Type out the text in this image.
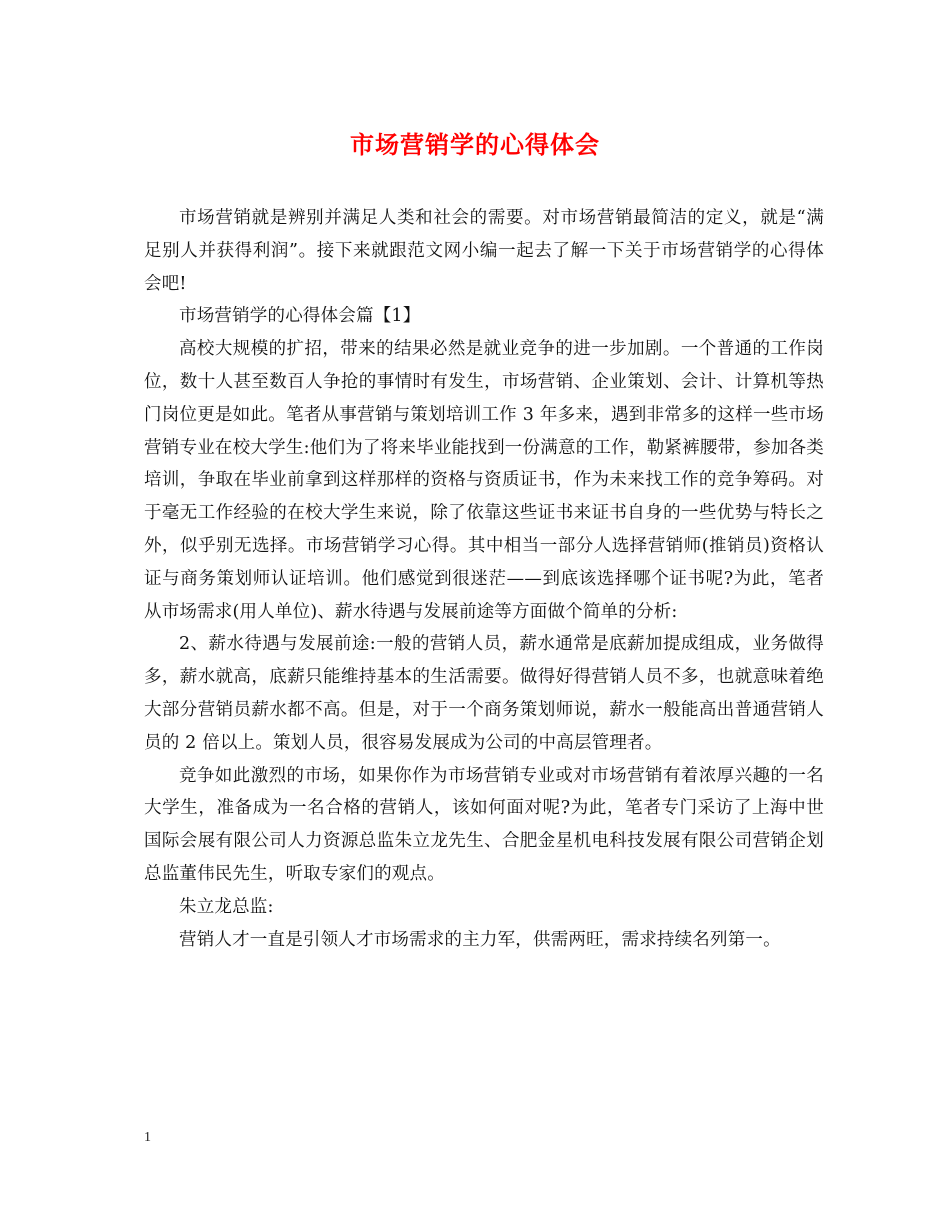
市场营销学的心得体会

市场营销就是辨别并满足人类和社会的需要。对市场营销最简洁的定义，就是“满足别人并获得利润”。接下来就跟范文网小编一起去了解一下关于市场营销学的心得体会吧!

市场营销学的心得体会篇【1】

高校大规模的扩招，带来的结果必然是就业竞争的进一步加剧。一个普通的工作岗位，数十人甚至数百人争抢的事情时有发生，市场营销、企业策划、会计、计算机等热门岗位更是如此。笔者从事营销与策划培训工作 3 年多来，遇到非常多的这样一些市场营销专业在校大学生:他们为了将来毕业能找到一份满意的工作，勒紧裤腰带，参加各类培训，争取在毕业前拿到这样那样的资格与资质证书，作为未来找工作的竞争筹码。对于毫无工作经验的在校大学生来说，除了依靠这些证书来证书自身的一些优势与特长之外，似乎别无选择。市场营销学习心得。其中相当一部分人选择营销师(推销员)资格认证与商务策划师认证培训。他们感觉到很迷茫——到底该选择哪个证书呢?为此，笔者从市场需求(用人单位)、薪水待遇与发展前途等方面做个简单的分析:

2、薪水待遇与发展前途:一般的营销人员，薪水通常是底薪加提成组成，业务做得多，薪水就高，底薪只能维持基本的生活需要。做得好得营销人员不多，也就意味着绝大部分营销员薪水都不高。但是，对于一个商务策划师说，薪水一般能高出普通营销人员的 2 倍以上。策划人员，很容易发展成为公司的中高层管理者。

竞争如此激烈的市场，如果你作为市场营销专业或对市场营销有着浓厚兴趣的一名大学生，准备成为一名合格的营销人，该如何面对呢?为此，笔者专门采访了上海中世国际会展有限公司人力资源总监朱立龙先生、合肥金星机电科技发展有限公司营销企划总监董伟民先生，听取专家们的观点。

朱立龙总监:

营销人才一直是引领人才市场需求的主力军，供需两旺，需求持续名列第一。

1
